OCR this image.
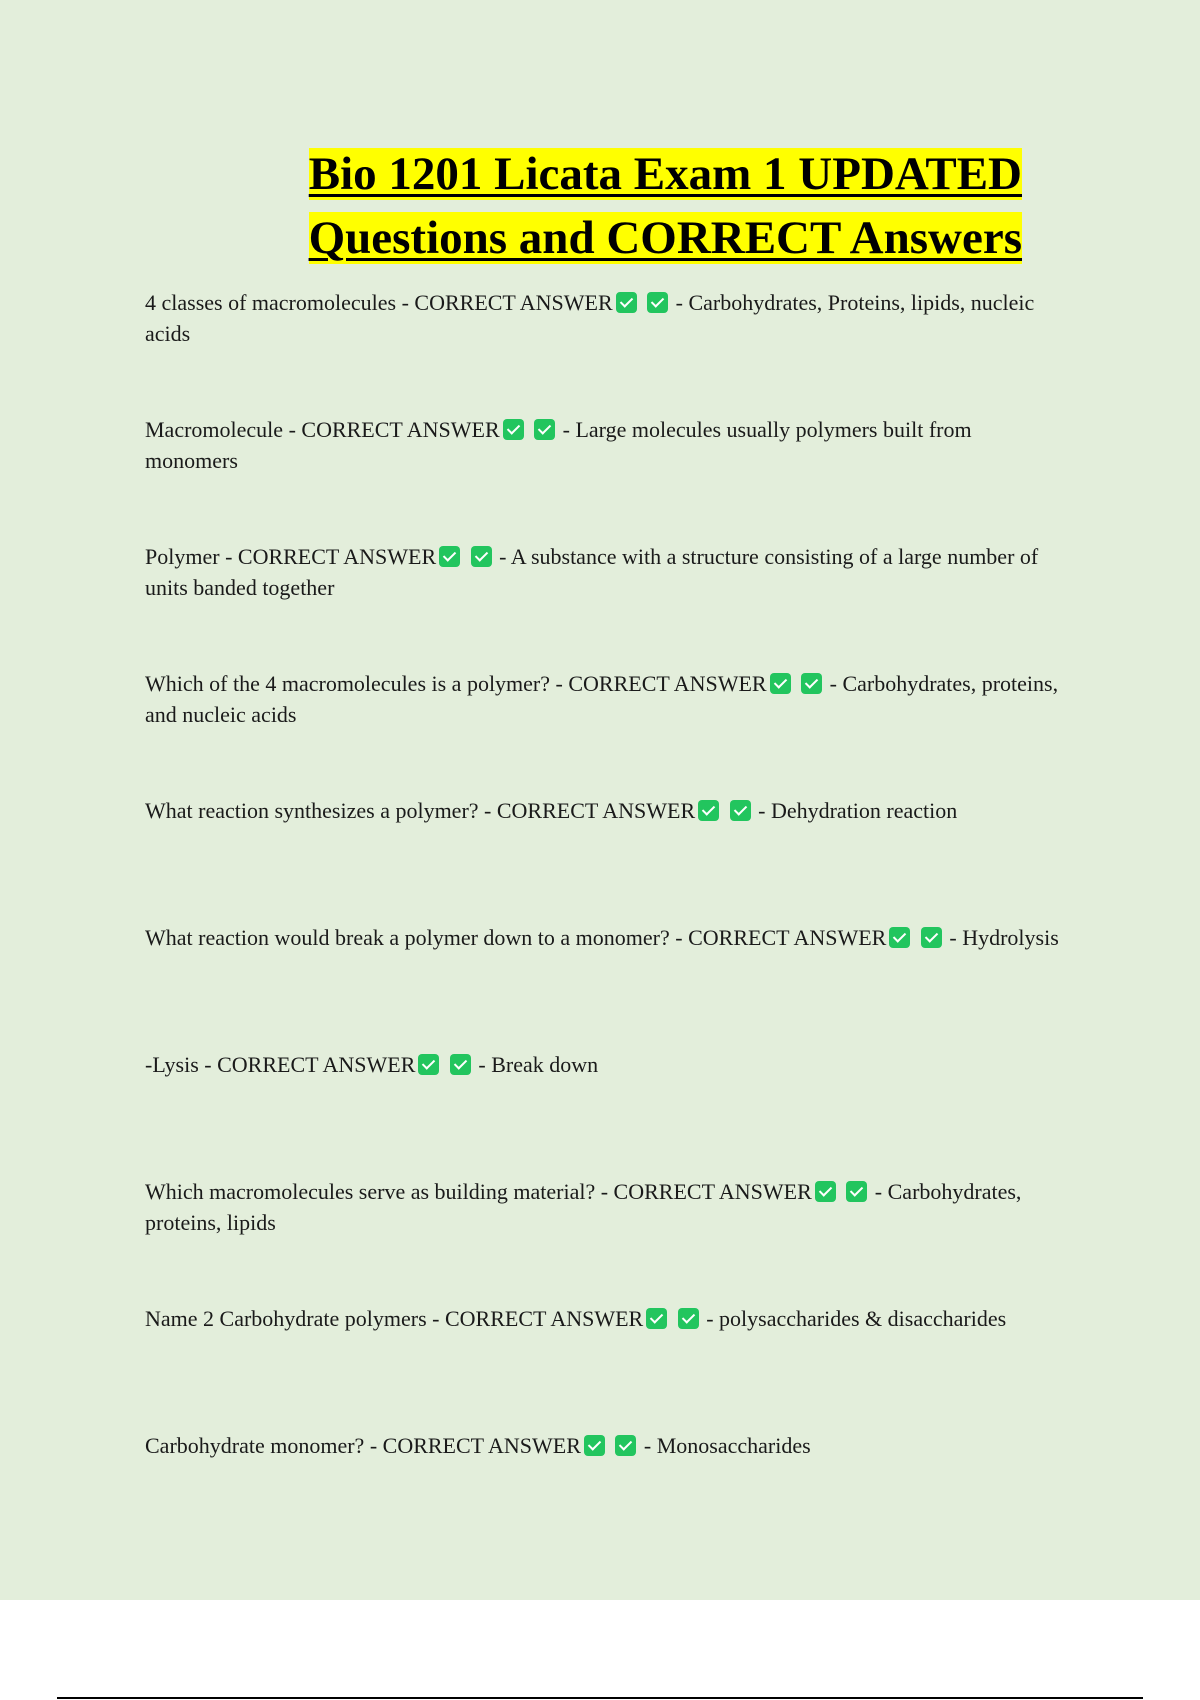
Bio 1201 Licata Exam 1 UPDATED
Questions and CORRECT Answers

4 classes of macromolecules - CORRECT ANSWER	- Carbohydrates, Proteins, lipids, nucleic acids

Macromolecule - CORRECT ANSWER	- Large molecules usually polymers built from monomers

Polymer - CORRECT ANSWER	- A substance with a structure consisting of a large number of units banded together

Which of the 4 macromolecules is a polymer? - CORRECT ANSWER	- Carbohydrates, proteins, and nucleic acids

What reaction synthesizes a polymer? - CORRECT ANSWER	- Dehydration reaction

What reaction would break a polymer down to a monomer? - CORRECT ANSWER	- Hydrolysis

-Lysis - CORRECT ANSWER	- Break down

Which macromolecules serve as building material? - CORRECT ANSWER	- Carbohydrates, proteins, lipids

Name 2 Carbohydrate polymers - CORRECT ANSWER	- polysaccharides & disaccharides

Carbohydrate monomer? - CORRECT ANSWER	- Monosaccharides
